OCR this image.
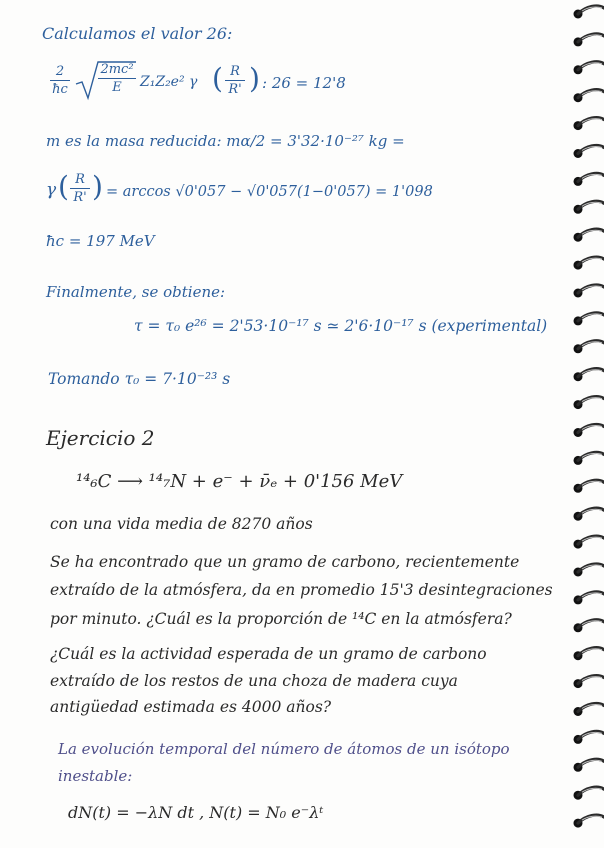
Calculamos el valor 26:
2
ħc
2mc²
E Z₁Z₂e² γ ( R
R' ) : 26 = 12'8
m es la masa reducida: mα/2 = 3'32·10⁻²⁷ kg =
γ ( R
R' ) = arccos √0'057 − √0'057(1−0'057) = 1'098
ħc = 197 MeV
Finalmente, se obtiene:
τ = τ₀ e²⁶ = 2'53·10⁻¹⁷ s ≃ 2'6·10⁻¹⁷ s (experimental)
Tomando τ₀ = 7·10⁻²³ s
Ejercicio 2
¹⁴₆C ⟶ ¹⁴₇N + e⁻ + ν̄ₑ + 0'156 MeV
con una vida media de 8270 años
Se ha encontrado que un gramo de carbono, recientemente
extraído de la atmósfera, da en promedio 15'3 desintegraciones
por minuto. ¿Cuál es la proporción de ¹⁴C en la atmósfera?
¿Cuál es la actividad esperada de un gramo de carbono
extraído de los restos de una choza de madera cuya
antigüedad estimada es 4000 años?
La evolución temporal del número de átomos de un isótopo
inestable:
dN(t) = −λN dt , N(t) = N₀ e⁻λᵗ
